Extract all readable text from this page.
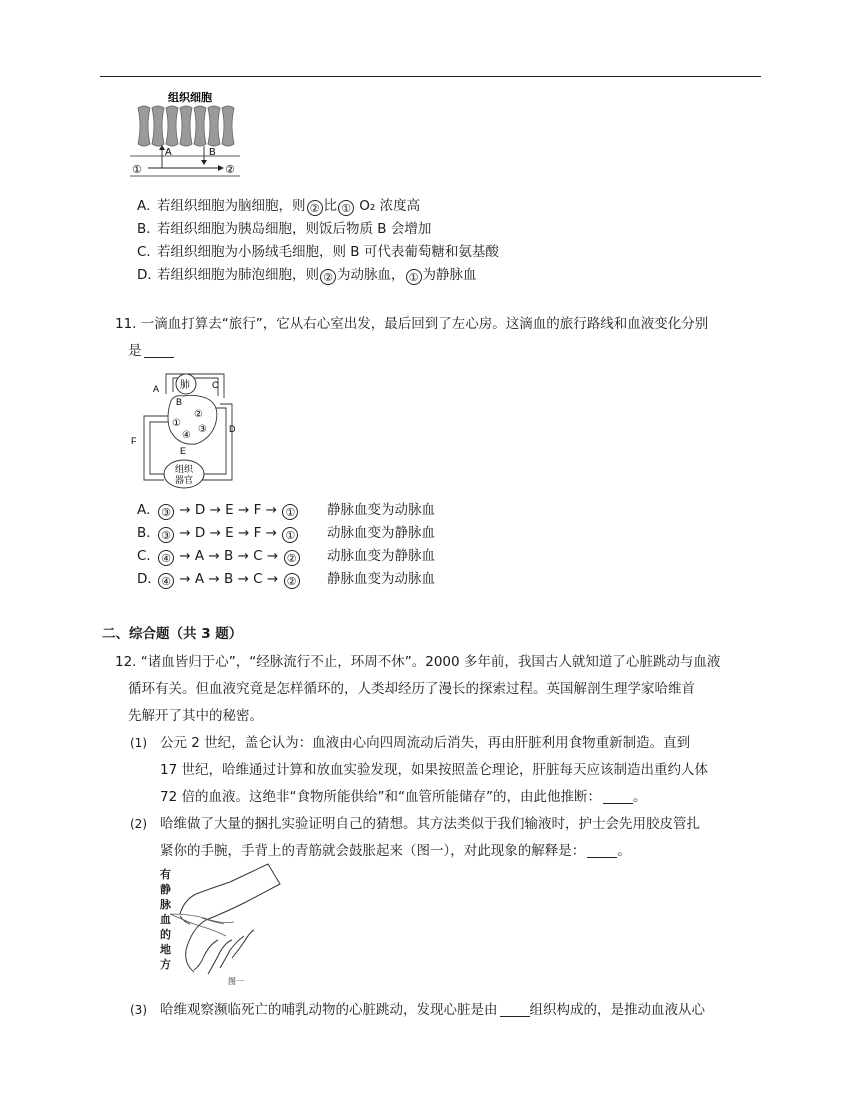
组织细胞
A	B
①	②
A．若组织细胞为脑细胞，则 ② 比 ① O₂ 浓度高
B．若组织细胞为胰岛细胞，则饭后物质 B 会增加
C．若组织细胞为小肠绒毛细胞，则 B 可代表葡萄糖和氨基酸
D．若组织细胞为肺泡细胞，则 ② 为动脉血， ① 为静脉血
11. 一滴血打算去“旅行”，它从右心室出发，最后回到了左心房。这滴血的旅行路线和血液变化分别
是
肺
组织
器官
A
B
C
D
E
F
①
②
③
④
A．③ → D → E → F → ① 静脉血变为动脉血
B．③ → D → E → F → ① 动脉血变为静脉血
C．④ → A → B → C → ② 动脉血变为静脉血
D．④ → A → B → C → ② 静脉血变为动脉血
二、综合题（共 3 题）
12. “诸血皆归于心”，“经脉流行不止，环周不休”。2000 多年前，我国古人就知道了心脏跳动与血液
循环有关。但血液究竟是怎样循环的，人类却经历了漫长的探索过程。英国解剖生理学家哈维首
先解开了其中的秘密。
(1) 公元 2 世纪，盖仑认为：血液由心向四周流动后消失，再由肝脏利用食物重新制造。直到
17 世纪，哈维通过计算和放血实验发现，如果按照盖仑理论，肝脏每天应该制造出重约人体
72 倍的血液。这绝非“食物所能供给”和“血管所能储存”的，由此他推断： 。
(2) 哈维做了大量的捆扎实验证明自己的猜想。其方法类似于我们输液时，护士会先用胶皮管扎
紧你的手腕，手背上的青筋就会鼓胀起来（图一），对此现象的解释是： 。
有
静
脉
血
的
地
方
图一
(3) 哈维观察濒临死亡的哺乳动物的心脏跳动，发现心脏是由 组织构成的，是推动血液从心
